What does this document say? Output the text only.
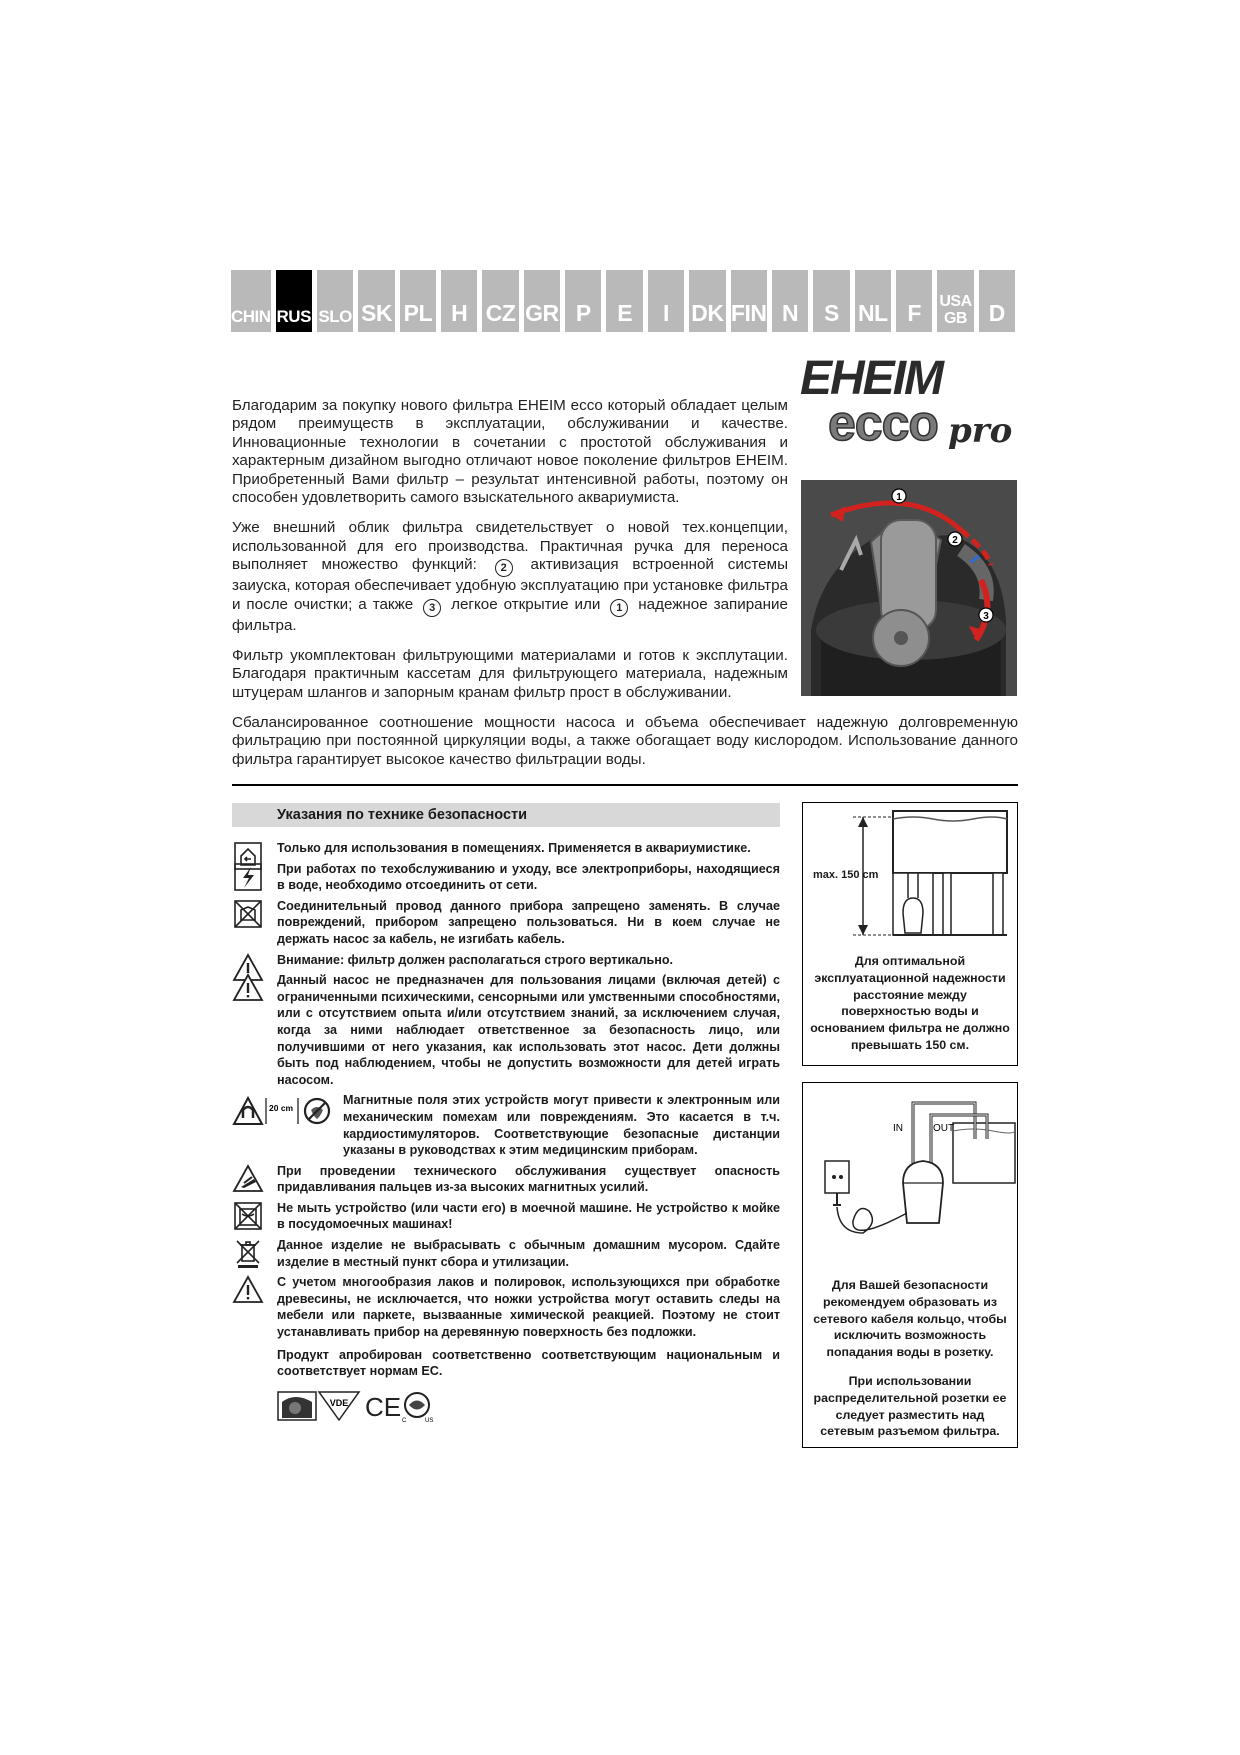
CHIN RUS SLO SK PL H CZ GR P	E	I DK FIN N	S NL F	USA
GB D
EHEIM
ecco pro

Благодарим за покупку нового фильтра EHEIM ecco который обладает целым рядом преимуществ в эксплуатации, обслуживании и качестве. Инновационные технологии в сочетании с простотой обслуживания и характерным дизайном выгодно отличают новое поколение фильтров EHEIM. Приобретенный Вами фильтр – результат интенсивной работы, поэтому он способен удовлетворить самого взыскательного аквариумиста.

Уже внешний облик фильтра свидетельствует о новой тех.концепции, использованной для его производства. Практичная ручка для переноса выполняет множество функций: 2 активизация встроенной системы заиуска, которая обеспечивает удобную эксплуатацию при установке фильтра и после очистки; а также 3 легкое открытие или 1 надежное запирание фильтра.

Фильтр укомплектован фильтрующими материалами и готов к эксплутации. Благодаря практичным кассетам для фильтрующего материала, надежным штуцерам шлангов и запорным кранам фильтр прост в обслуживании.

Сбалансированное соотношение мощности насоса и объема обеспечивает надежную долговременную фильтрацию при постоянной циркуляции воды, а также обогащает воду кислородом. Использование данного фильтра гарантирует высокое качество фильтрации воды.

1
2
3
Указания по технике безопасности
Только для использования в помещениях. Применяется в аквариумистике.
При работах по техобслуживанию и уходу, все электроприборы, находящиеся в воде, необходимо отсоединить от сети.
Соединительный провод данного прибора запрещено заменять. В случае повреждений, прибором запрещено пользоваться. Ни в коем случае не держать насос за кабель, не изгибать кабель.
Внимание: фильтр должен располагаться строго вертикально.
Данный насос не предназначен для пользования лицами (включая детей) с ограниченными психическими, сенсорными или умственными способностями, или с отсутствием опыта и/или отсутствием знаний, за исключением случая, когда за ними наблюдает ответственное за безопасность лицо, или получившими от него указания, как использовать этот насос. Дети должны быть под наблюдением, чтобы не допустить возможности для детей играть насосом.
20 cm
Магнитные поля этих устройств могут привести к электронным или механическим помехам или повреждениям. Это касается в т.ч. кардиостимуляторов. Соответствующие безопасные дистанции указаны в руководствах к этим медицинским приборам.
При проведении технического обслуживания существует опасность придавливания пальцев из-за высоких магнитных усилий.
Не мыть устройство (или части его) в моечной машине. Не устройство к мойке в посудомоечных машинах!
Данное изделие не выбрасывать с обычным домашним мусором. Сдайте изделие в местный пункт сбора и утилизации.
С учетом многообразия лаков и полировок, использующихся при обработке древесины, не исключается, что ножки устройства могут оставить следы на мебели или паркете, вызваанные химической реакцией. Поэтому не стоит устанавливать прибор на деревянную поверхность без подложки.
Продукт апробирован соответственно соответствующим национальным и соответствует нормам ЕС.
VDE CE C	US
max. 150 cm
Для оптимальной эксплуатационной надежности расстояние между поверхностью воды и основанием фильтра не должно превышать 150 см.
IN	OUT
Для Вашей безопасности рекомендуем образовать из сетевого кабеля кольцо, чтобы исключить возможность попадания воды в розетку.
При использовании распределительной розетки ее следует разместить над сетевым разъемом фильтра.
